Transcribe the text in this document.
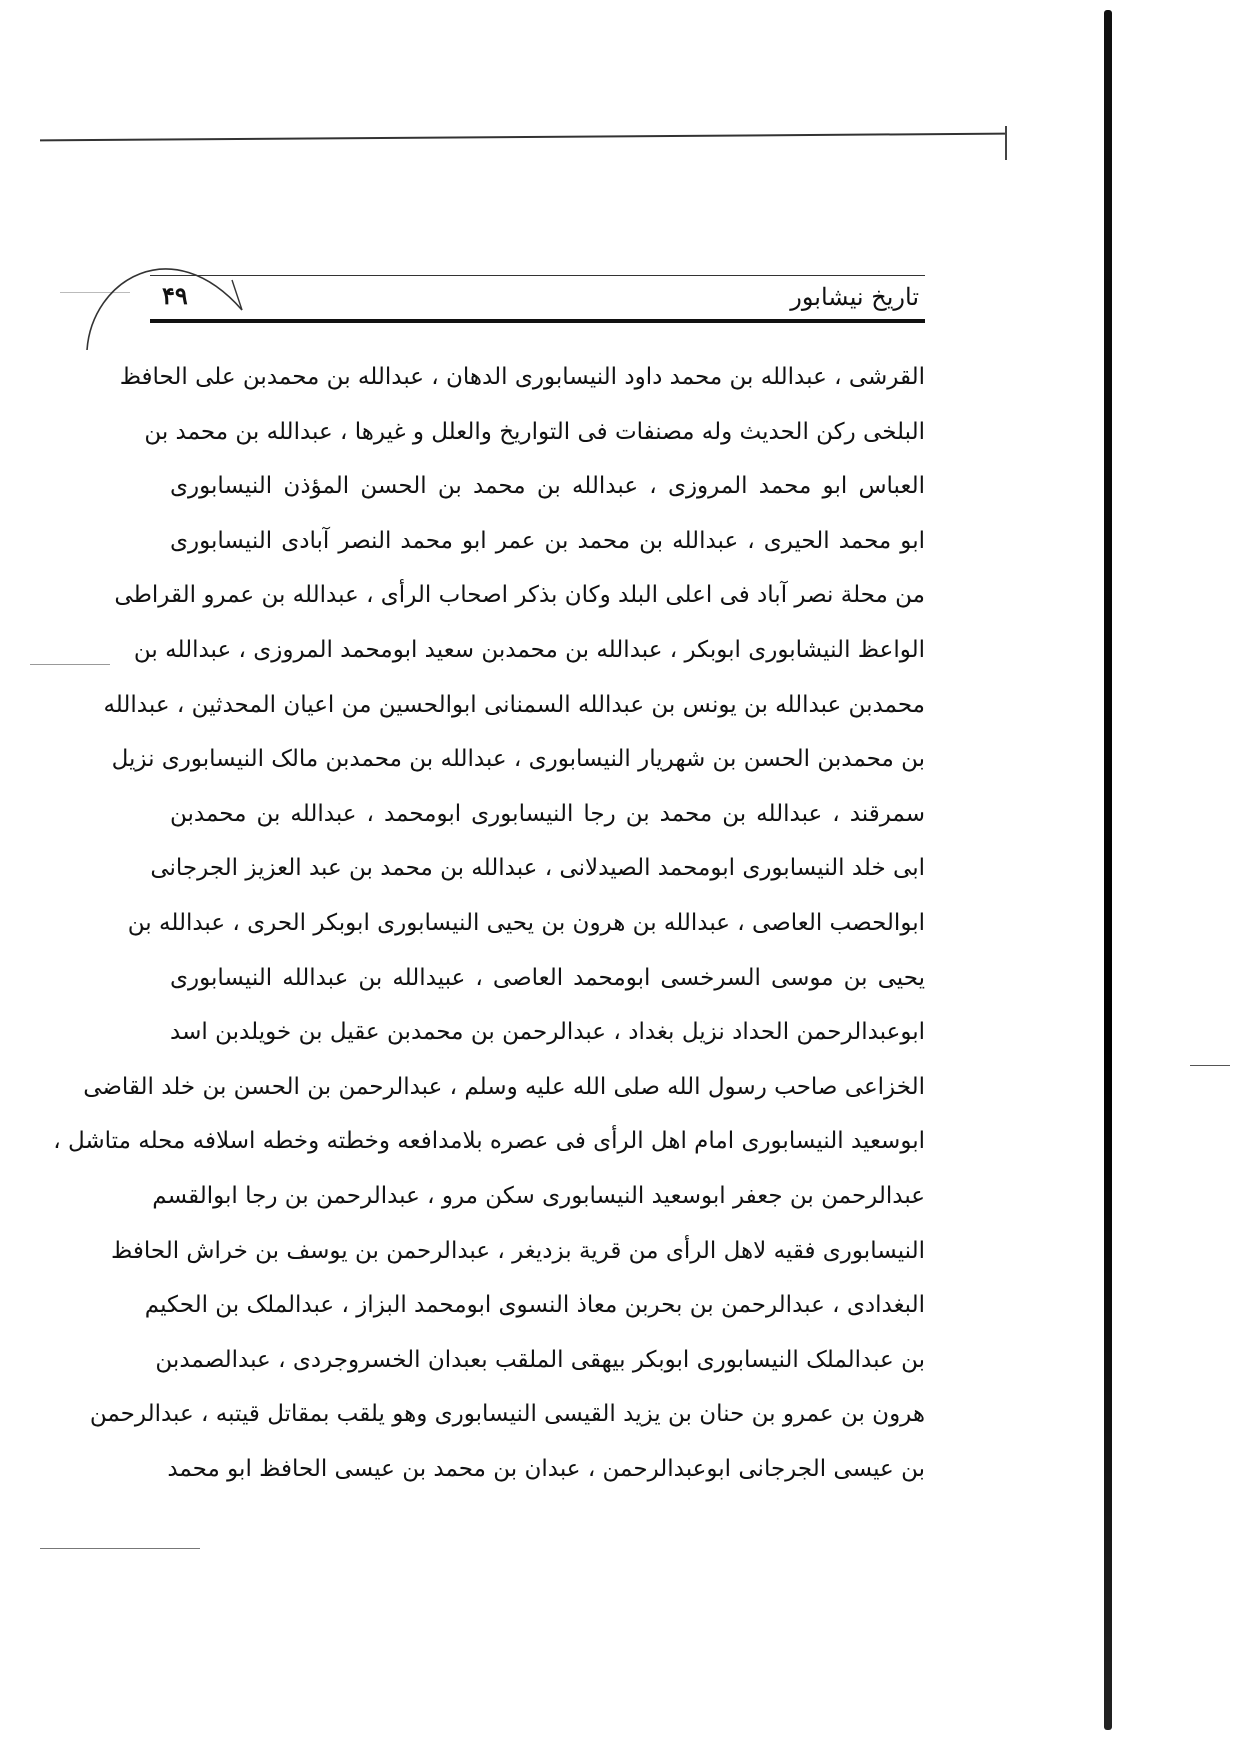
۴۹	تاریخ نیشابور
القرشی ، عبدالله بن محمد داود النیسابوری الدهان ، عبدالله بن محمدبن علی الحافظ
البلخی رکن الحدیث وله مصنفات فی التواریخ والعلل و غیرها ، عبدالله بن محمد بن
العباس ابو محمد المروزی ، عبدالله بن محمد بن الحسن المؤذن النیسابوری
ابو محمد الحیری ، عبدالله بن محمد بن عمر ابو محمد النصر آبادی النیسابوری
من محلة نصر آباد فی اعلی البلد وکان بذکر اصحاب الرأی ، عبدالله بن عمرو القراطی
الواعظ النیشابوری ابوبکر ، عبدالله بن محمدبن سعید ابومحمد المروزی ، عبدالله بن
محمدبن عبدالله بن یونس بن عبدالله السمنانی ابوالحسین من اعیان المحدثین ، عبدالله
بن محمدبن الحسن بن شهریار النیسابوری ، عبدالله بن محمدبن مالک النیسابوری نزیل
سمرقند ، عبدالله بن محمد بن رجا النیسابوری ابومحمد ، عبدالله بن محمدبن
ابی خلد النیسابوری ابومحمد الصیدلانی ، عبدالله بن محمد بن عبد العزیز الجرجانی
ابوالحصب العاصی ، عبدالله بن هرون بن یحیی النیسابوری ابوبکر الحری ، عبدالله بن
یحیی بن موسی السرخسی ابومحمد العاصی ، عبیدالله بن عبدالله النیسابوری
ابوعبدالرحمن الحداد نزیل بغداد ، عبدالرحمن بن محمدبن عقیل بن خویلدبن اسد
الخزاعی صاحب رسول الله صلی الله علیه وسلم ، عبدالرحمن بن الحسن بن خلد القاضی
ابوسعید النیسابوری امام اهل الرأی فی عصره بلامدافعه وخطته وخطه اسلافه محله متاشل ،
عبدالرحمن بن جعفر ابوسعید النیسابوری سکن مرو ، عبدالرحمن بن رجا ابوالقسم
النیسابوری فقیه لاهل الرأی من قریة بزدیغر ، عبدالرحمن بن یوسف بن خراش الحافظ
البغدادی ، عبدالرحمن بن بحربن معاذ النسوی ابومحمد البزاز ، عبدالملک بن الحکیم
بن عبدالملک النیسابوری ابوبکر بیهقی الملقب بعبدان الخسروجردی ، عبدالصمدبن
هرون بن عمرو بن حنان بن یزید القیسی النیسابوری وهو یلقب بمقاتل قیتبه ، عبدالرحمن
بن عیسی الجرجانی ابوعبدالرحمن ، عبدان بن محمد بن عیسی الحافظ ابو محمد
